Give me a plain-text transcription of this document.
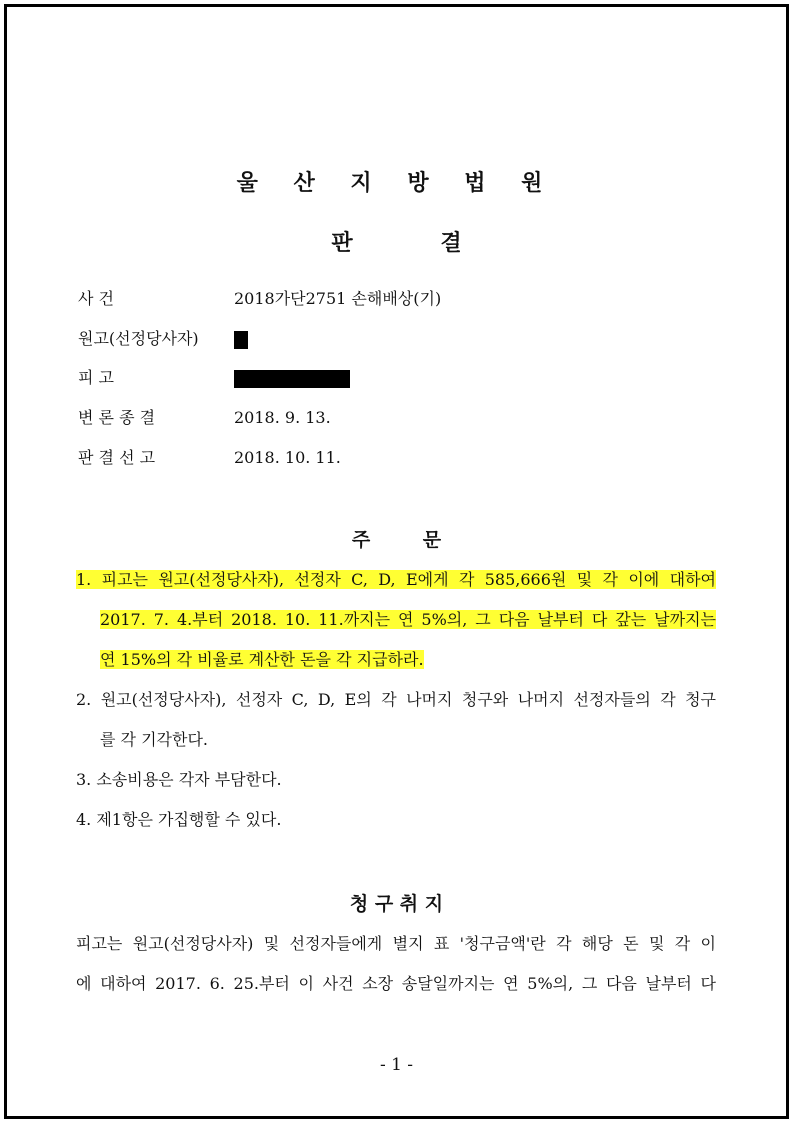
울 산 지 방 법 원
판 결
사 건	2018가단2751 손해배상(기)
원고(선정당사자)
피 고
변 론 종 결	2018. 9. 13.
판 결 선 고	2018. 10. 11.
주 문
1. 피고는 원고(선정당사자), 선정자 C, D, E에게 각 585,666원 및 각 이에 대하여
2017. 7. 4.부터 2018. 10. 11.까지는 연 5%의, 그 다음 날부터 다 갚는 날까지는
연 15%의 각 비율로 계산한 돈을 각 지급하라.
2. 원고(선정당사자), 선정자 C, D, E의 각 나머지 청구와 나머지 선정자들의 각 청구
를 각 기각한다.
3. 소송비용은 각자 부담한다.
4. 제1항은 가집행할 수 있다.
청 구 취 지
피고는 원고(선정당사자) 및 선정자들에게 별지 표 '청구금액'란 각 해당 돈 및 각 이
에 대하여 2017. 6. 25.부터 이 사건 소장 송달일까지는 연 5%의, 그 다음 날부터 다
- 1 -
